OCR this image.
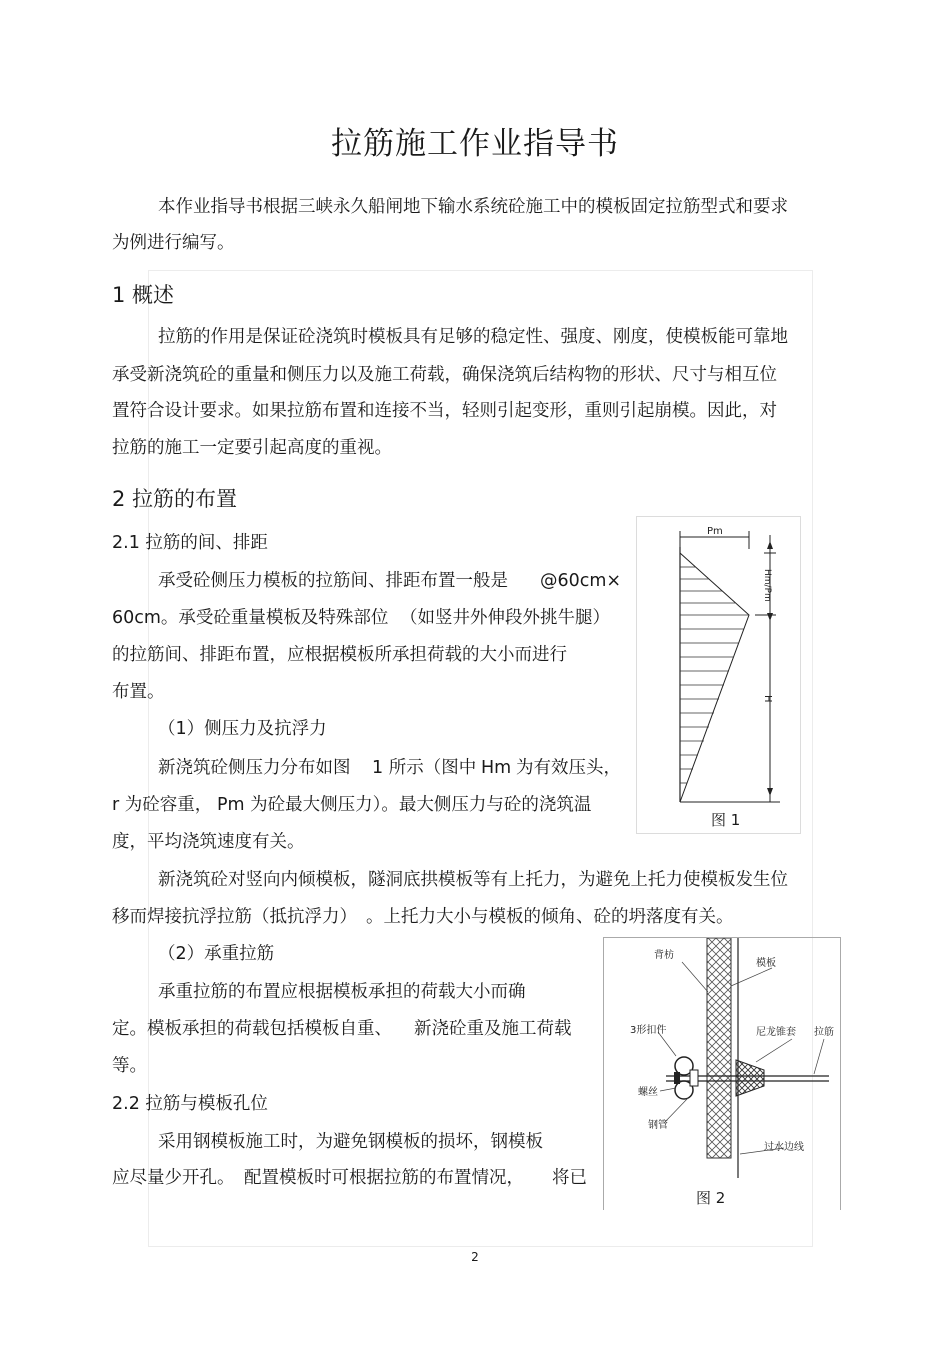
拉筋施工作业指导书
本作业指导书根据三峡永久船闸地下输水系统砼施工中的模板固定拉筋型式和要求
为例进行编写。
1 概述
拉筋的作用是保证砼浇筑时模板具有足够的稳定性、强度、刚度，使模板能可靠地
承受新浇筑砼的重量和侧压力以及施工荷载，确保浇筑后结构物的形状、尺寸与相互位
置符合设计要求。如果拉筋布置和连接不当，轻则引起变形，重则引起崩模。因此，对
拉筋的施工一定要引起高度的重视。
2 拉筋的布置
2.1 拉筋的间、排距
承受砼侧压力模板的拉筋间、排距布置一般是 @60cm×
60cm。承受砼重量模板及特殊部位 （如竖井外伸段外挑牛腿）
的拉筋间、排距布置，应根据模板所承担荷载的大小而进行
布置。
（1）侧压力及抗浮力
新浇筑砼侧压力分布如图 1 所示（图中 Hm 为有效压头，
r 为砼容重， Pm 为砼最大侧压力）。最大侧压力与砼的浇筑温
度，平均浇筑速度有关。
新浇筑砼对竖向内倾模板，隧洞底拱模板等有上托力，为避免上托力使模板发生位
移而焊接抗浮拉筋（抵抗浮力） 。上托力大小与模板的倾角、砼的坍落度有关。
（2）承重拉筋
承重拉筋的布置应根据模板承担的荷载大小而确
定。模板承担的荷载包括模板自重、 新浇砼重及施工荷载
等。
2.2 拉筋与模板孔位
采用钢模板施工时，为避免钢模板的损坏，钢模板
应尽量少开孔。 配置模板时可根据拉筋的布置情况， 将已
Pm
Hm/Pm
H
图 1
背枋
模板
3形扣件	尼龙锥套 拉筋
螺丝
钢管
过水边线
图 2
2
